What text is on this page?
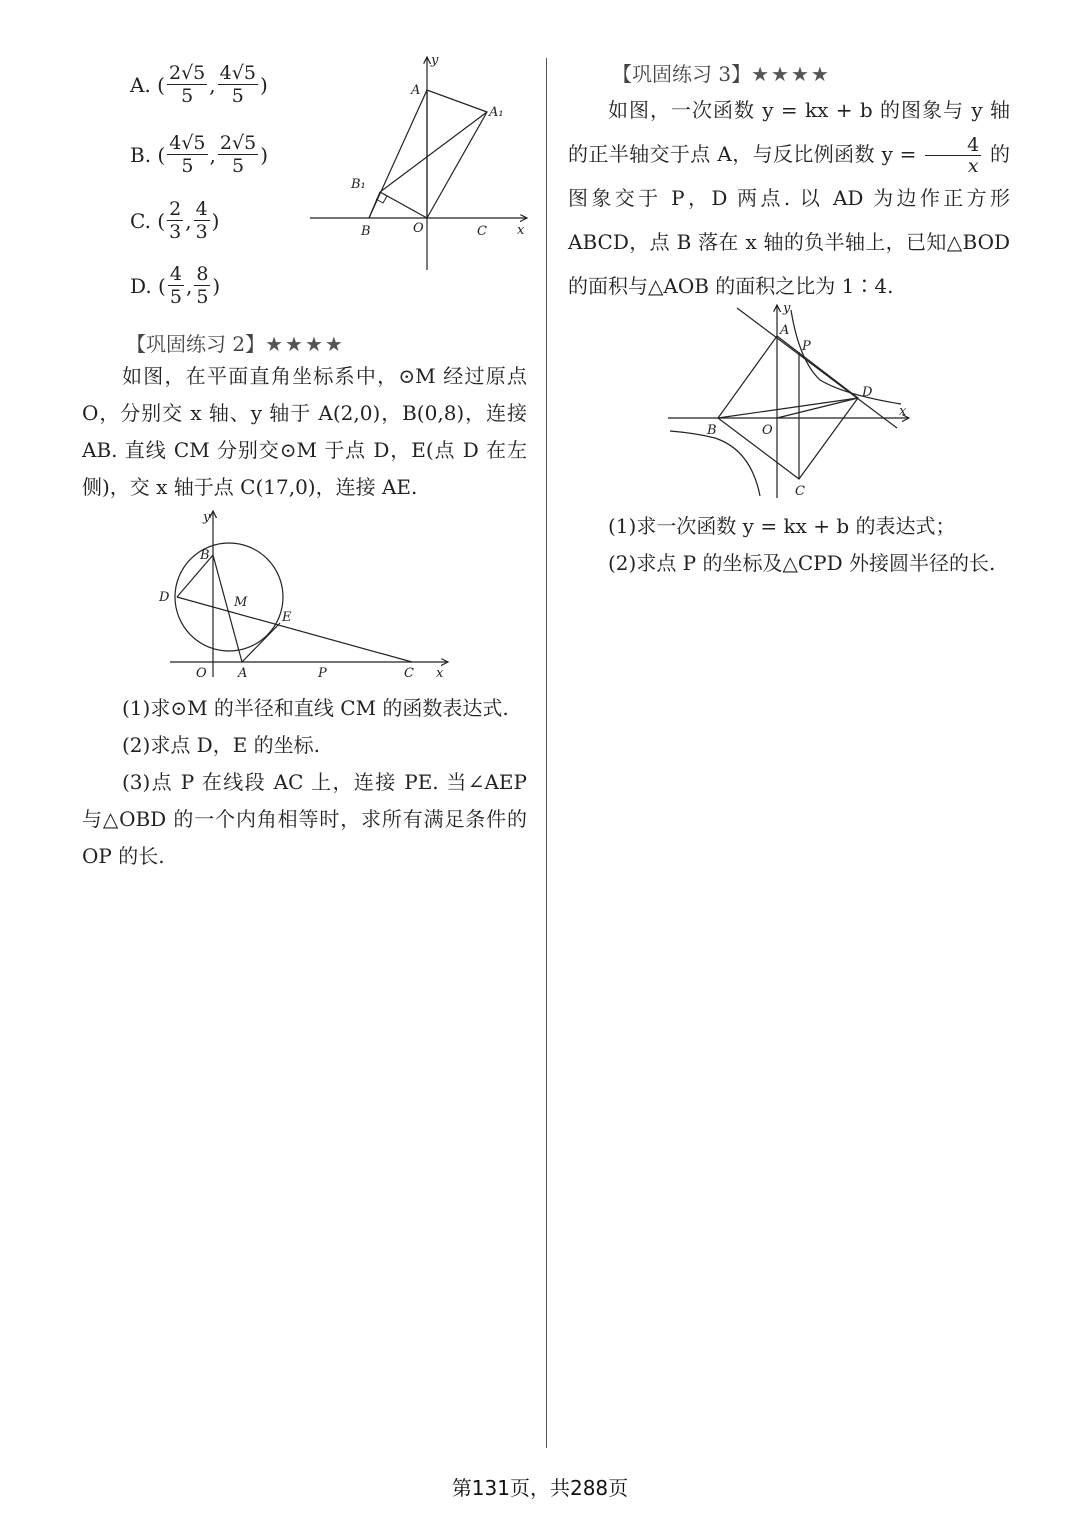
A. ( $\frac{2√5}{5}$ , $\frac{4√5}{5}$ )
B. ( $\frac{4√5}{5}$ , $\frac{2√5}{5}$ )
C. ( $\frac{2}{3}$ , $\frac{4}{3}$ )
D. ( $\frac{4}{5}$ , $\frac{8}{5}$ )
y
A
A₁
B₁
B	O	C x
【巩固练习 2】★★★★

如图，在平面直角坐标系中，⊙M 经过原点 O，分别交 x 轴、y 轴于 A(2,0)，B(0,8)，连接 AB. 直线 CM 分别交⊙M 于点 D，E(点 D 在左侧)，交 x 轴于点 C(17,0)，连接 AE.

y
B
D	M
E
O A	P	C x

(1)求⊙M 的半径和直线 CM 的函数表达式.

(2)求点 D，E 的坐标.

(3)点 P 在线段 AC 上，连接 PE. 当∠AEP 与△OBD 的一个内角相等时，求所有满足条件的 OP 的长.

【巩固练习 3】★★★★

如图，一次函数 y = kx + b 的图象与 y 轴的正半轴交于点 A，与反比例函数 $y = \frac{4}{x}$ 的图象交于 P，D 两点. 以 AD 为边作正方形 ABCD，点 B 落在 x 轴的负半轴上，已知△BOD 的面积与△AOB 的面积之比为 1∶4.

y
A
P
D
x
B	O
C

(1)求一次函数 y = kx + b 的表达式；

(2)求点 P 的坐标及△CPD 外接圆半径的长.

第131页，共288页
